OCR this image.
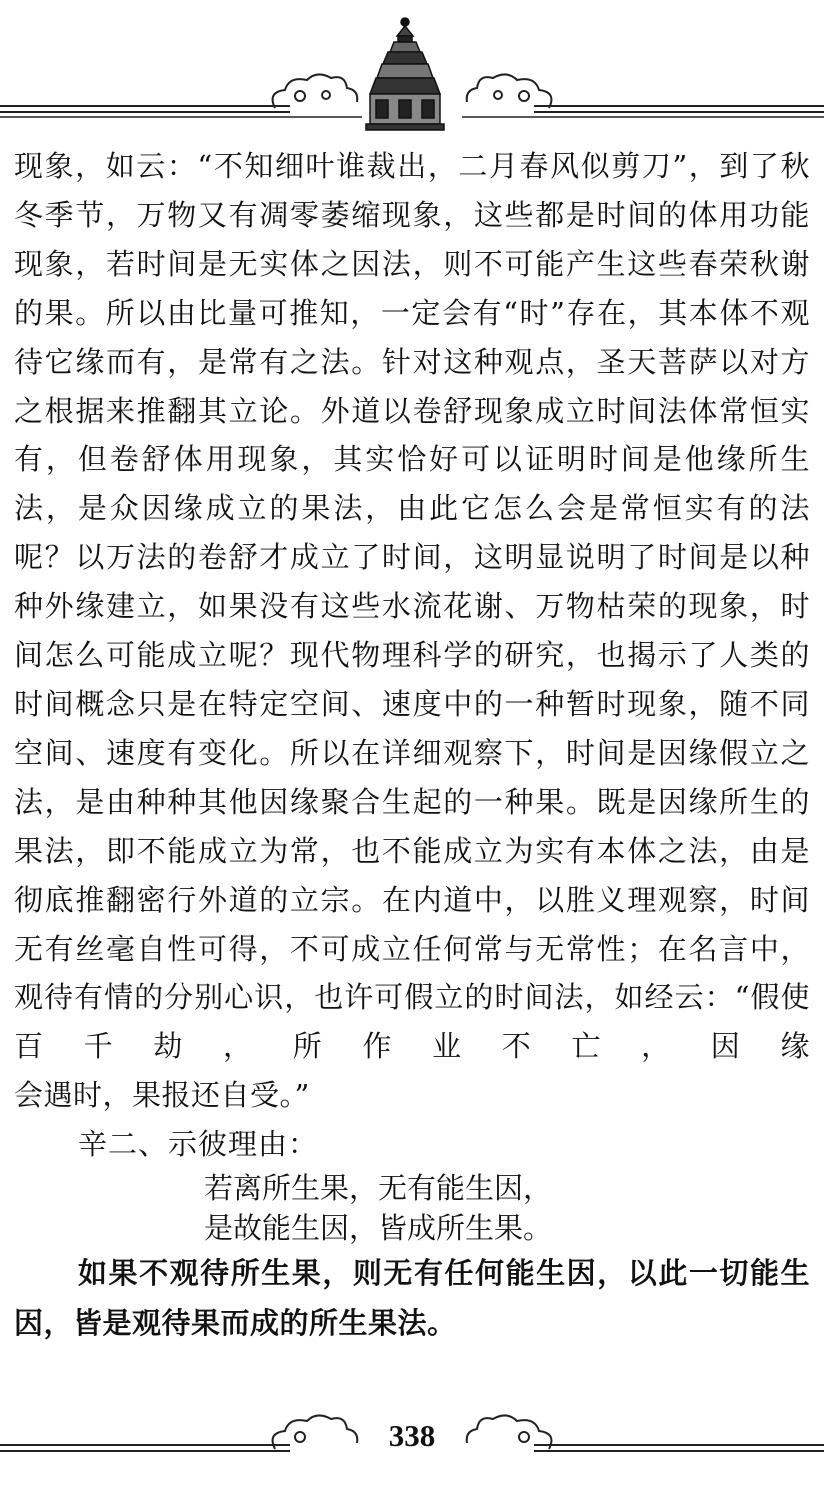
现象，如云：“不知细叶谁裁出，二月春风似剪刀”，到了秋冬季节，万物又有凋零萎缩现象，这些都是时间的体用功能现象，若时间是无实体之因法，则不可能产生这些春荣秋谢的果。所以由比量可推知，一定会有“时”存在，其本体不观待它缘而有，是常有之法。针对这种观点，圣天菩萨以对方之根据来推翻其立论。外道以卷舒现象成立时间法体常恒实有，但卷舒体用现象，其实恰好可以证明时间是他缘所生法，是众因缘成立的果法，由此它怎么会是常恒实有的法呢？以万法的卷舒才成立了时间，这明显说明了时间是以种种外缘建立，如果没有这些水流花谢、万物枯荣的现象，时间怎么可能成立呢？现代物理科学的研究，也揭示了人类的时间概念只是在特定空间、速度中的一种暂时现象，随不同空间、速度有变化。所以在详细观察下，时间是因缘假立之法，是由种种其他因缘聚合生起的一种果。既是因缘所生的果法，即不能成立为常，也不能成立为实有本体之法，由是彻底推翻密行外道的立宗。在内道中，以胜义理观察，时间无有丝毫自性可得，不可成立任何常与无常性；在名言中，观待有情的分别心识，也许可假立的时间法，如经云：“假使百千劫，所作业不亡，因缘

会遇时，果报还自受。”

辛二、示彼理由：

若离所生果，无有能生因，

是故能生因，皆成所生果。

如果不观待所生果，则无有任何能生因，以此一切能生因，皆是观待果而成的所生果法。

338
